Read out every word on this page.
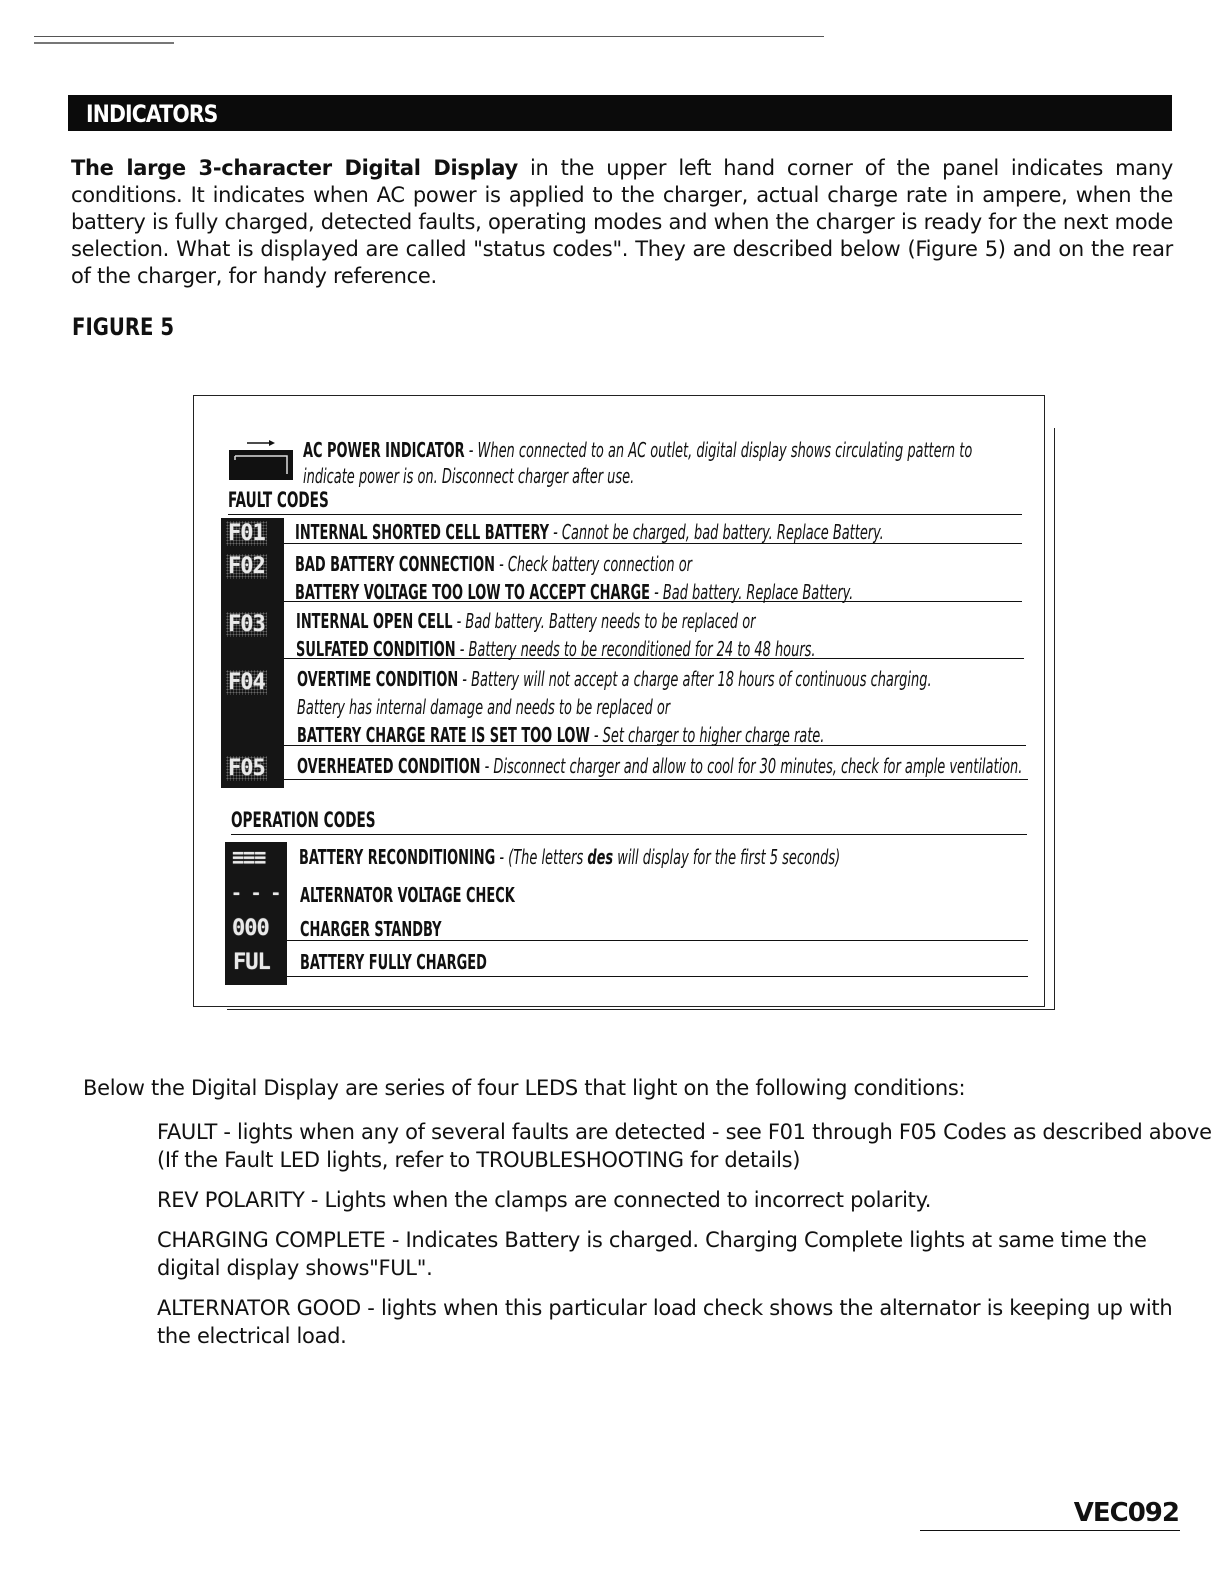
INDICATORS
The large 3-character Digital Display in the upper left hand corner of the panel indicates many conditions. It indicates when AC power is applied to the charger, actual charge rate in ampere, when the battery is fully charged, detected faults, operating modes and when the charger is ready for the next mode selection. What is displayed are called "status codes". They are described below (Figure 5) and on the rear of the charger, for handy reference.
FIGURE 5
AC POWER INDICATOR - When connected to an AC outlet, digital display shows circulating pattern to
indicate power is on. Disconnect charger after use.
FAULT CODES
F01 INTERNAL SHORTED CELL BATTERY - Cannot be charged, bad battery. Replace Battery.
F02 BAD BATTERY CONNECTION - Check battery connection or
BATTERY VOLTAGE TOO LOW TO ACCEPT CHARGE - Bad battery. Replace Battery.
F03 INTERNAL OPEN CELL - Bad battery. Battery needs to be replaced or
SULFATED CONDITION - Battery needs to be reconditioned for 24 to 48 hours.
F04 OVERTIME CONDITION - Battery will not accept a charge after 18 hours of continuous charging.
Battery has internal damage and needs to be replaced or
BATTERY CHARGE RATE IS SET TOO LOW - Set charger to higher charge rate.
F05 OVERHEATED CONDITION - Disconnect charger and allow to cool for 30 minutes, check for ample ventilation.
OPERATION CODES
≡≡≡ BATTERY RECONDITIONING - (The letters des will display for the first 5 seconds)
- - - ALTERNATOR VOLTAGE CHECK
000 CHARGER STANDBY
FUL BATTERY FULLY CHARGED
Below the Digital Display are series of four LEDS that light on the following conditions:
FAULT - lights when any of several faults are detected - see F01 through F05 Codes as described above
(If the Fault LED lights, refer to TROUBLESHOOTING for details)
REV POLARITY - Lights when the clamps are connected to incorrect polarity.
CHARGING COMPLETE - Indicates Battery is charged. Charging Complete lights at same time the
digital display shows"FUL".
ALTERNATOR GOOD - lights when this particular load check shows the alternator is keeping up with
the electrical load.
VEC092
